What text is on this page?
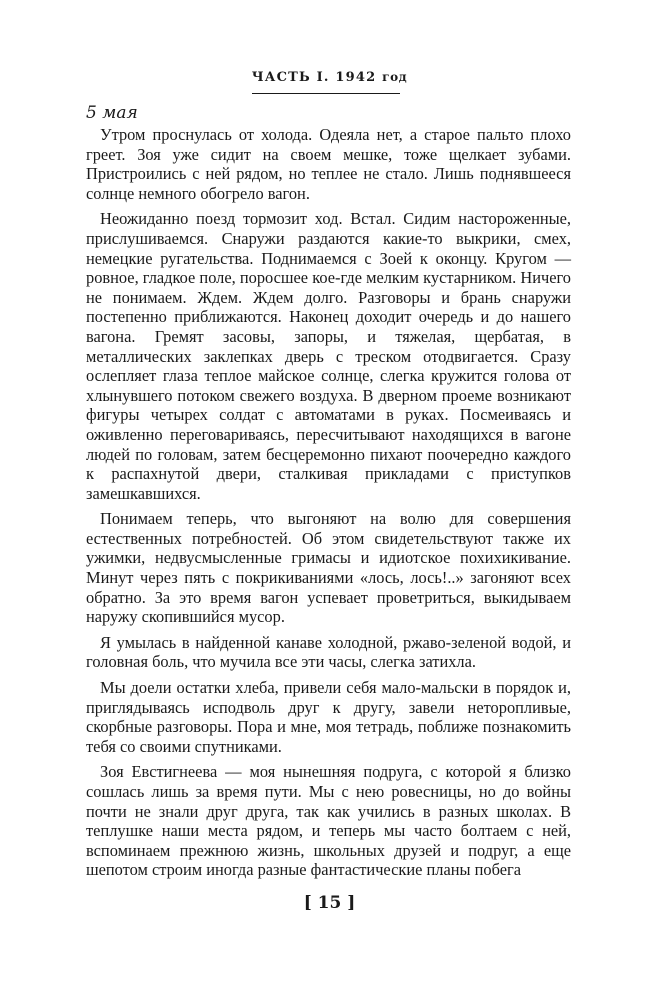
ЧАСТЬ I. 1942 год

5 мая

Утром проснулась от холода. Одеяла нет, а старое пальто плохо греет. Зоя уже сидит на своем мешке, тоже щелкает зубами. Пристроились с ней рядом, но теплее не стало. Лишь поднявшееся солнце немного обогрело вагон.

Неожиданно поезд тормозит ход. Встал. Сидим настороженные, прислушиваемся. Снаружи раздаются какие-то выкрики, смех, немецкие ругательства. Поднимаемся с Зоей к оконцу. Кругом — ровное, гладкое поле, поросшее кое-где мелким кустарником. Ничего не понимаем. Ждем. Ждем долго. Разговоры и брань снаружи постепенно приближаются. Наконец доходит очередь и до нашего вагона. Гремят засовы, запоры, и тяжелая, щербатая, в металлических заклепках дверь с треском отодвигается. Сразу ослепляет глаза теплое майское солнце, слегка кружится голова от хлынувшего потоком свежего воздуха. В дверном проеме возникают фигуры четырех солдат с автоматами в руках. Посмеиваясь и оживленно переговариваясь, пересчитывают находящихся в вагоне людей по головам, затем бесцеремонно пихают поочередно каждого к распахнутой двери, сталкивая прикладами с приступков замешкавшихся.

Понимаем теперь, что выгоняют на волю для совершения естественных потребностей. Об этом свидетельствуют также их ужимки, недвусмысленные гримасы и идиотское похихикивание. Минут через пять с покрикиваниями «лось, лось!..» загоняют всех обратно. За это время вагон успевает проветриться, выкидываем наружу скопившийся мусор.

Я умылась в найденной канаве холодной, ржаво-зеленой водой, и головная боль, что мучила все эти часы, слегка затихла.

Мы доели остатки хлеба, привели себя мало-мальски в порядок и, приглядываясь исподволь друг к другу, завели неторопливые, скорбные разговоры. Пора и мне, моя тетрадь, поближе познакомить тебя со своими спутниками.

Зоя Евстигнеева — моя нынешняя подруга, с которой я близко сошлась лишь за время пути. Мы с нею ровесницы, но до войны почти не знали друг друга, так как учились в разных школах. В теплушке наши места рядом, и теперь мы часто болтаем с ней, вспоминаем прежнюю жизнь, школьных друзей и подруг, а еще шепотом строим иногда разные фантастические планы побега

[ 15 ]
